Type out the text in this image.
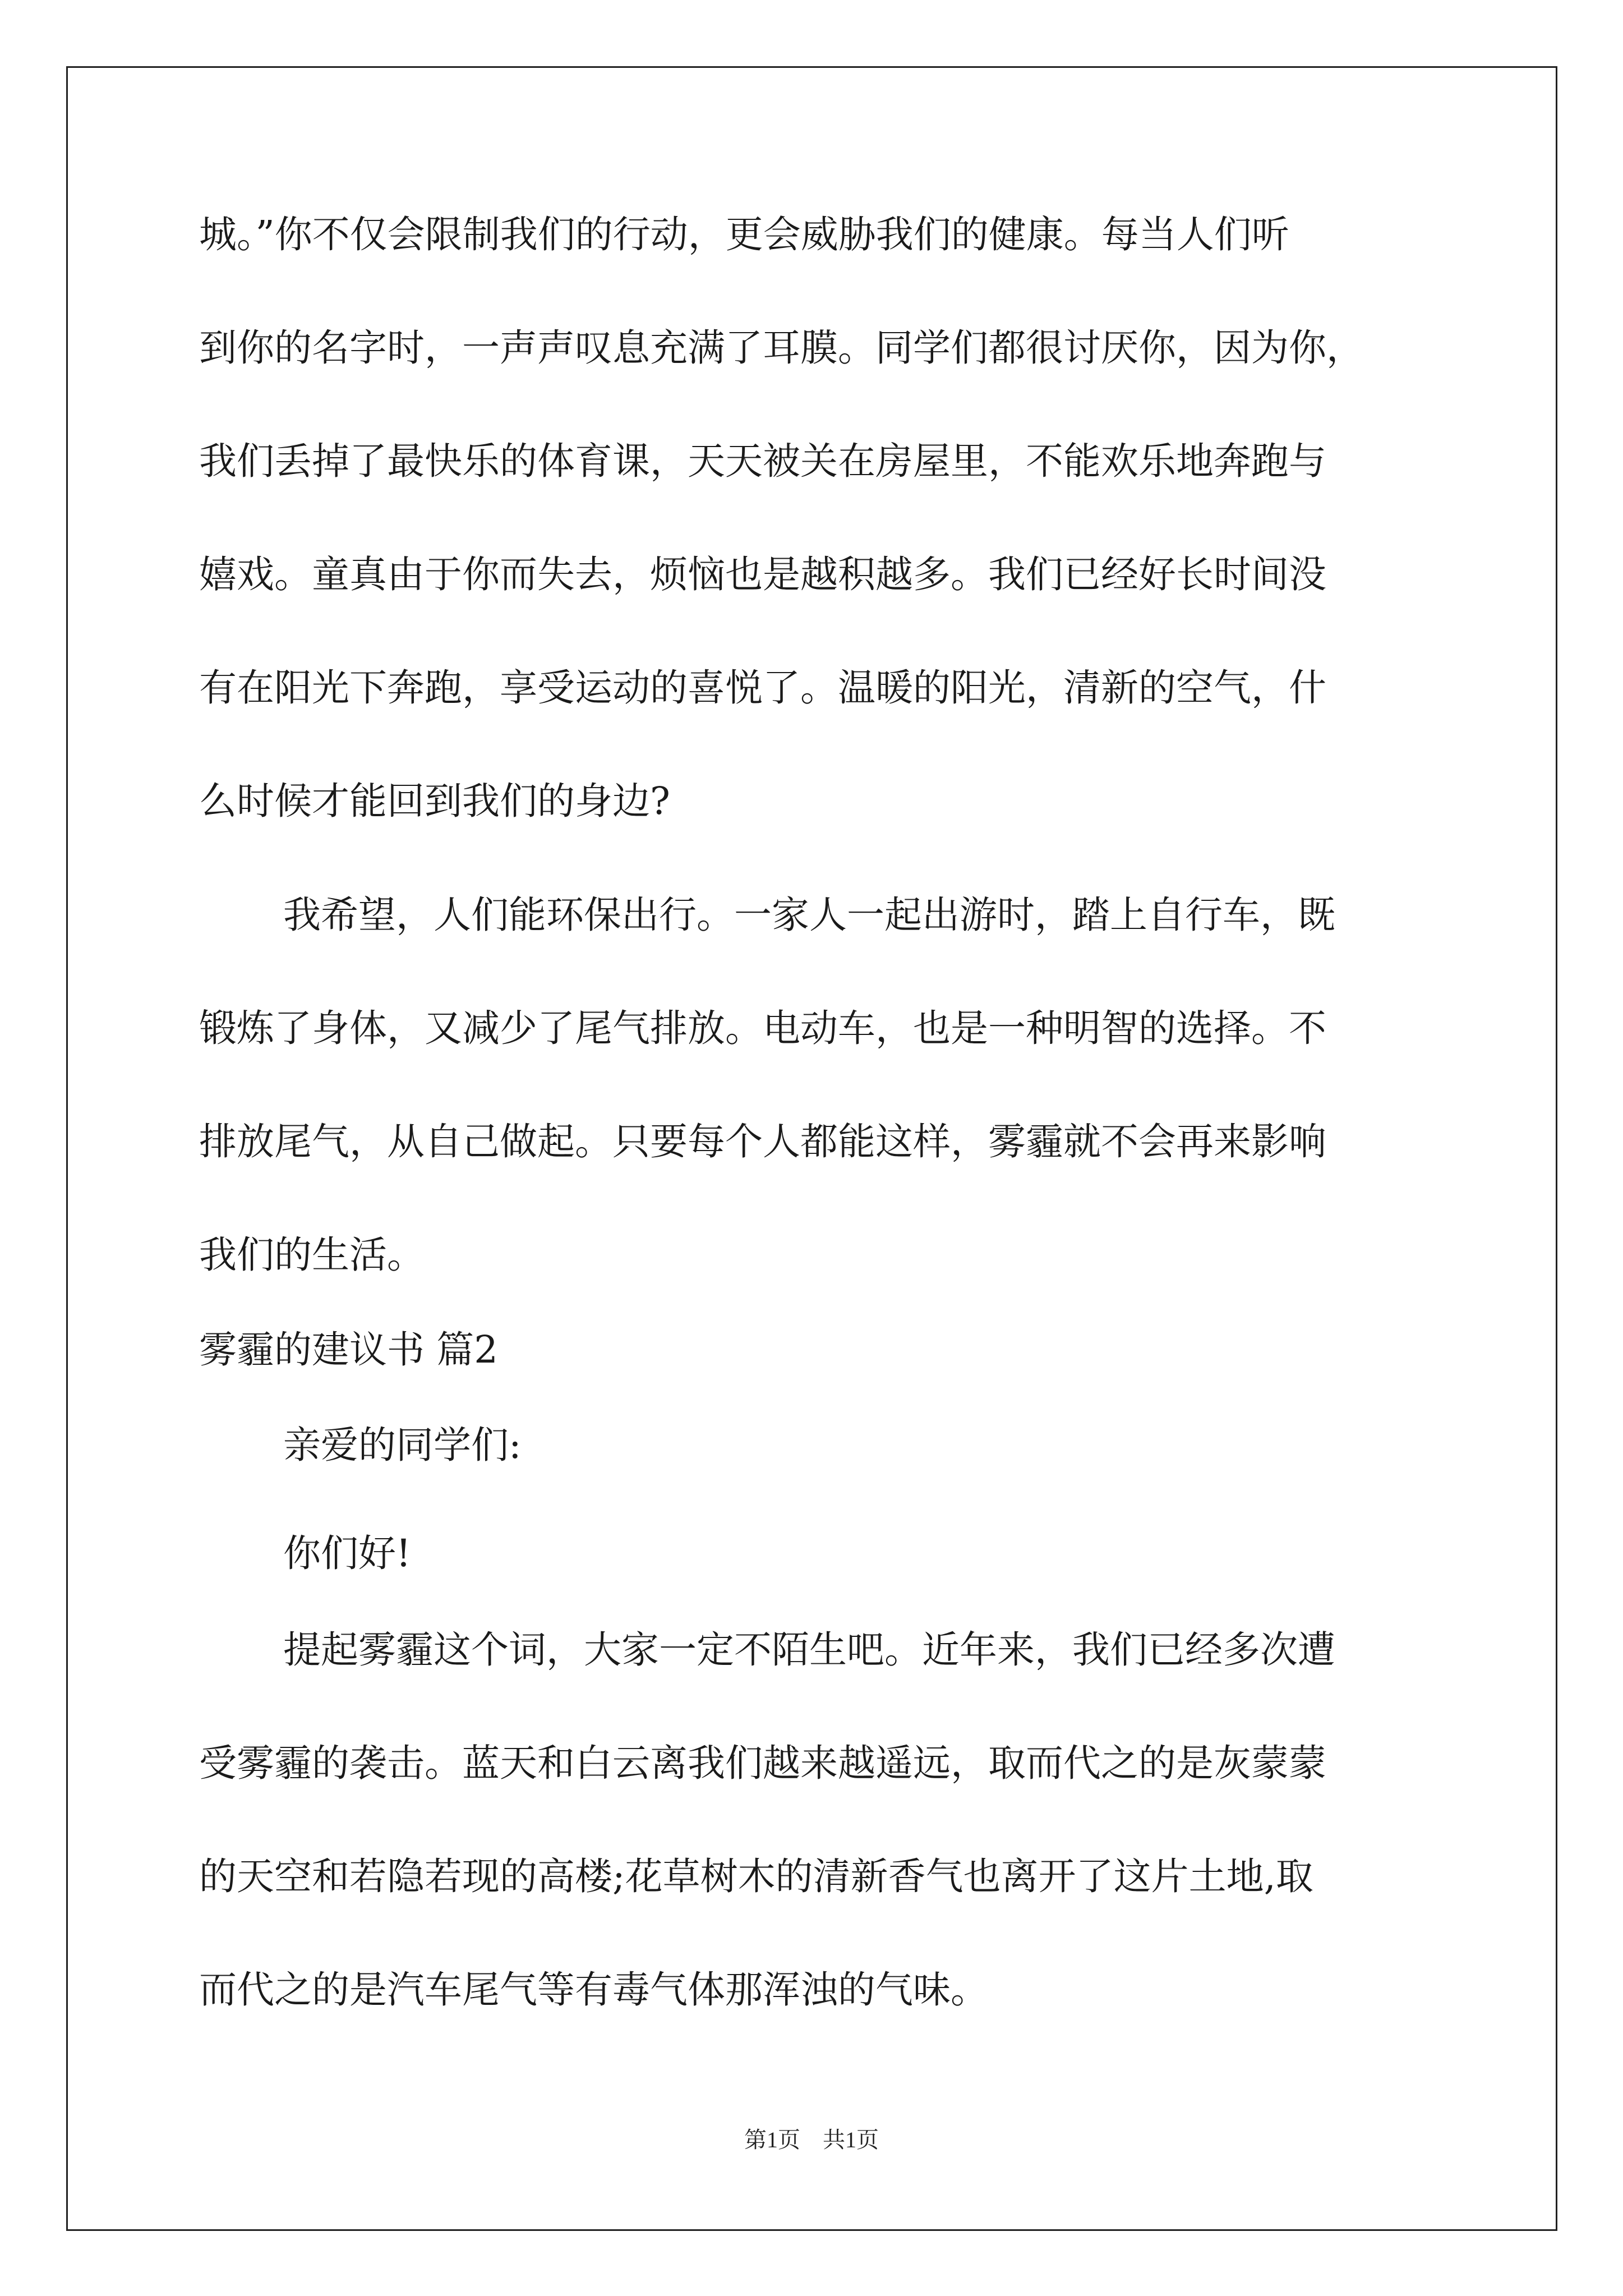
城。”你不仅会限制我们的行动，更会威胁我们的健康。每当人们听
到你的名字时，一声声叹息充满了耳膜。同学们都很讨厌你，因为你，
我们丢掉了最快乐的体育课，天天被关在房屋里，不能欢乐地奔跑与
嬉戏。童真由于你而失去，烦恼也是越积越多。我们已经好长时间没
有在阳光下奔跑，享受运动的喜悦了。温暖的阳光，清新的空气，什
么时候才能回到我们的身边?
我希望，人们能环保出行。一家人一起出游时，踏上自行车，既
锻炼了身体，又减少了尾气排放。电动车，也是一种明智的选择。不
排放尾气，从自己做起。只要每个人都能这样，雾霾就不会再来影响
我们的生活。
雾霾的建议书 篇2
亲爱的同学们:
你们好!
提起雾霾这个词，大家一定不陌生吧。近年来，我们已经多次遭
受雾霾的袭击。蓝天和白云离我们越来越遥远，取而代之的是灰蒙蒙
的天空和若隐若现的高楼;花草树木的清新香气也离开了这片土地,取
而代之的是汽车尾气等有毒气体那浑浊的气味。
第1页　共1页
